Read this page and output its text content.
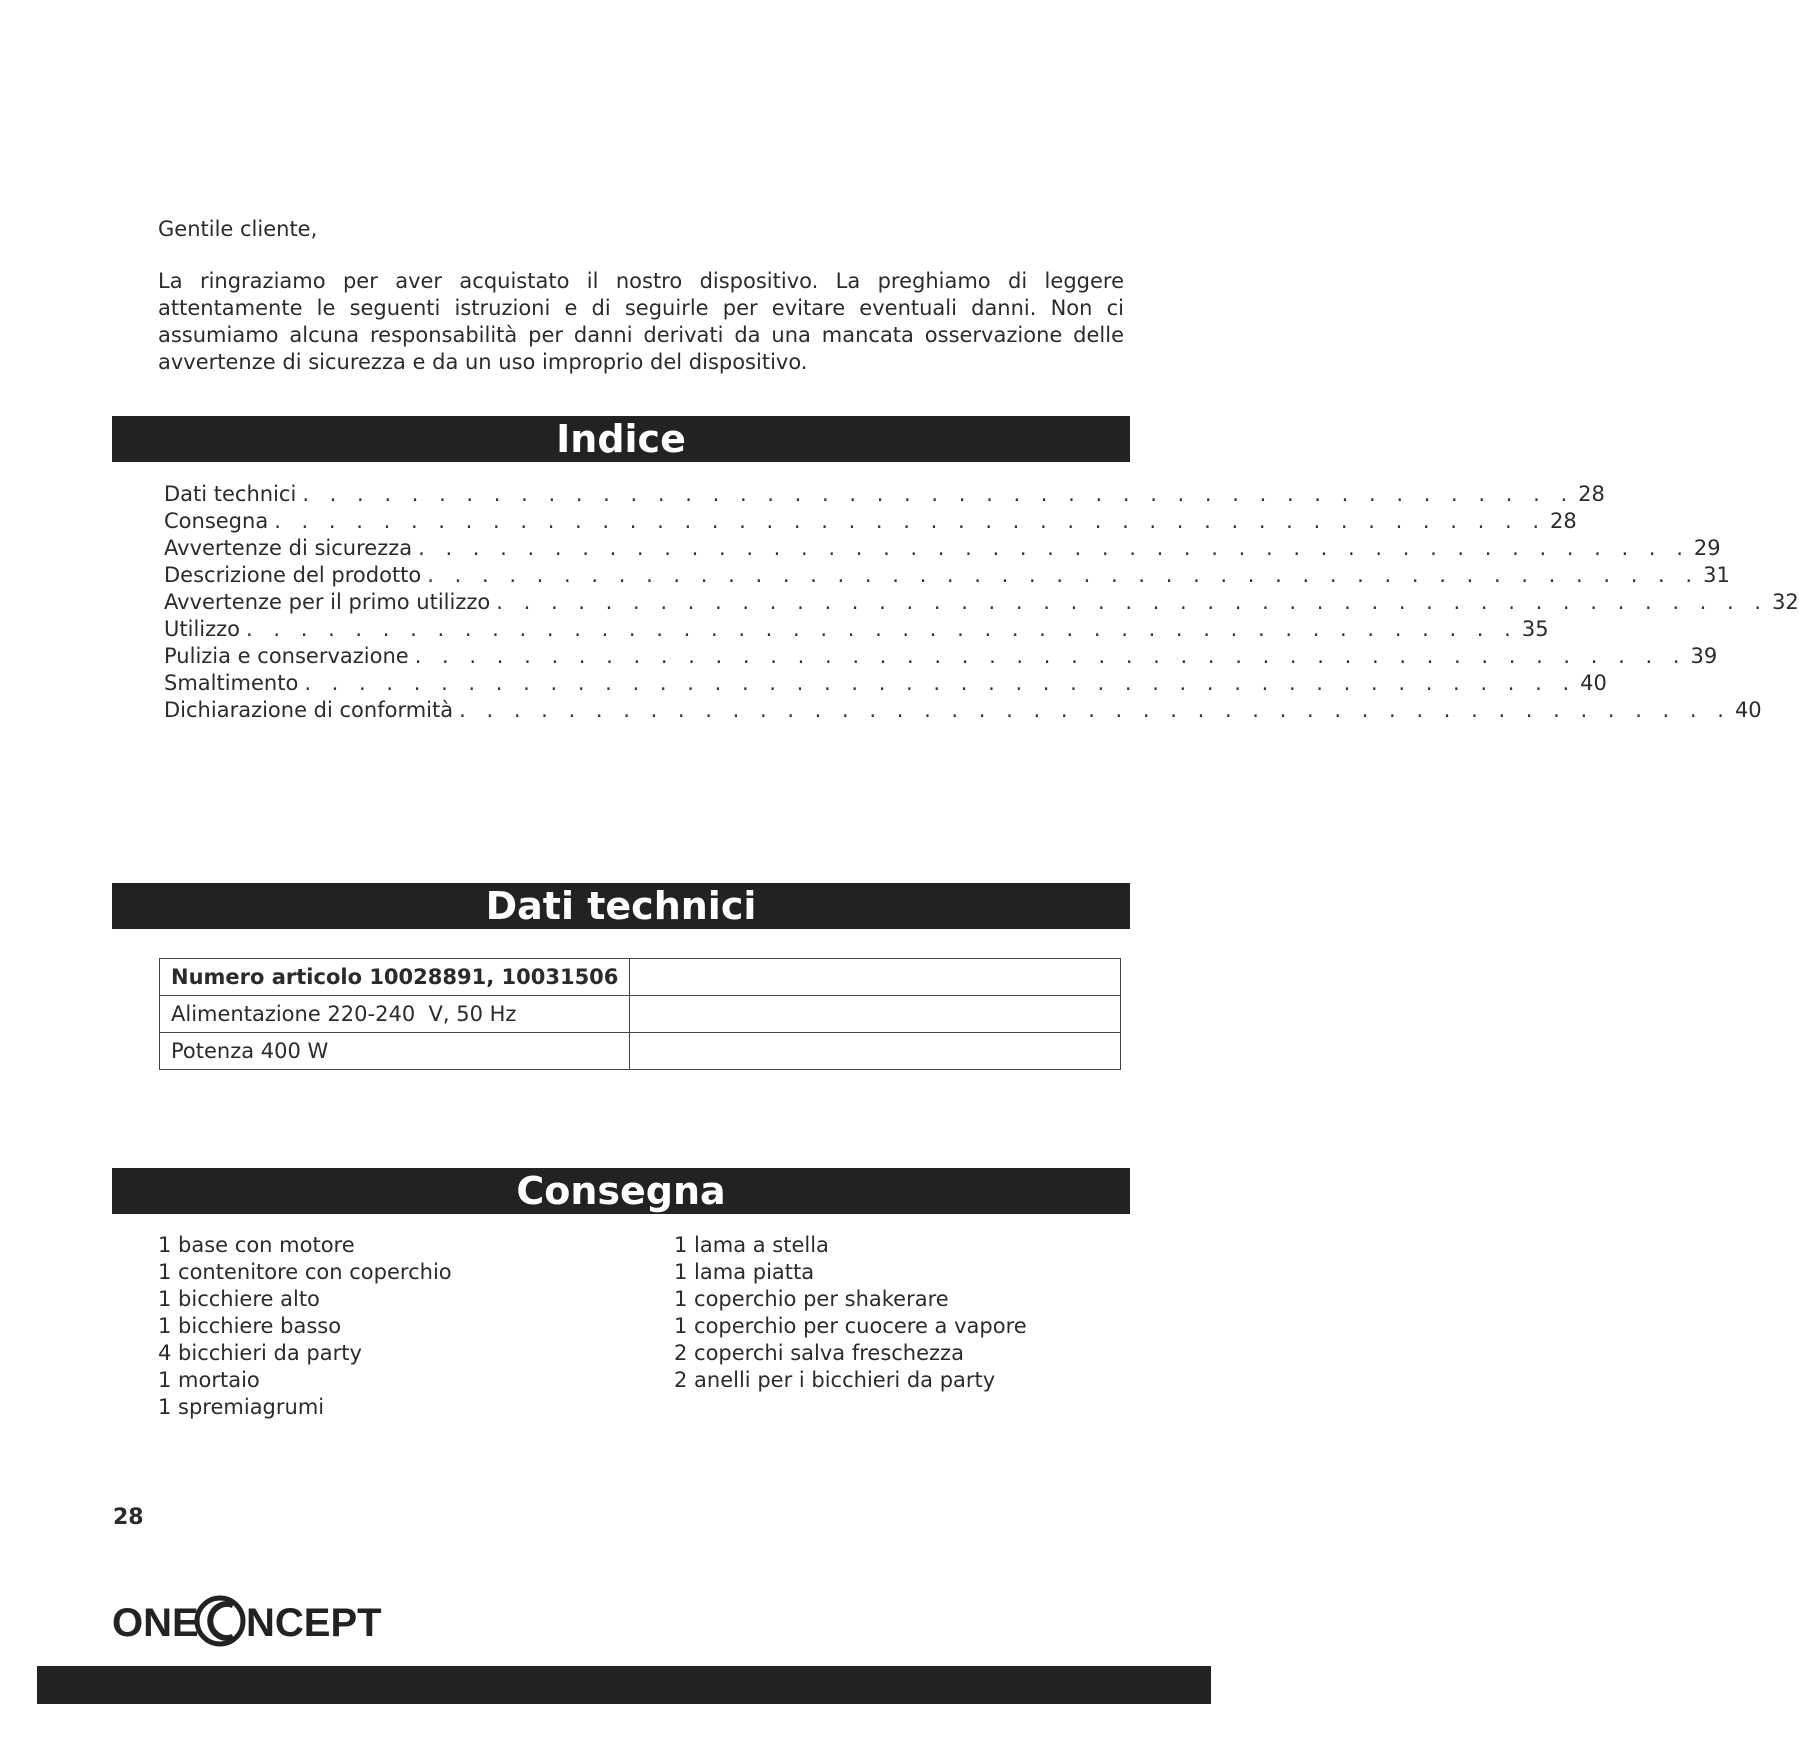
Gentile cliente,
La ringraziamo per aver acquistato il nostro dispositivo. La preghiamo di leggere attentamente le seguenti istruzioni e di seguirle per evitare eventuali danni. Non ci assumiamo alcuna responsabilità per danni derivati da una mancata osservazione delle avvertenze di sicurezza e da un uso improprio del dispositivo.
Indice
Dati technici . . . . . . . . . . . . . . . . . . . . . . . . . . . . . . . . . . . . . . . . . . . . . . . 28
Consegna . . . . . . . . . . . . . . . . . . . . . . . . . . . . . . . . . . . . . . . . . . . . . . . 28
Avvertenze di sicurezza . . . . . . . . . . . . . . . . . . . . . . . . . . . . . . . . . . . . . . . . . . . . . . . 29
Descrizione del prodotto . . . . . . . . . . . . . . . . . . . . . . . . . . . . . . . . . . . . . . . . . . . . . . . 31
Avvertenze per il primo utilizzo . . . . . . . . . . . . . . . . . . . . . . . . . . . . . . . . . . . . . . . . . . . . . . . 32
Utilizzo . . . . . . . . . . . . . . . . . . . . . . . . . . . . . . . . . . . . . . . . . . . . . . . 35
Pulizia e conservazione . . . . . . . . . . . . . . . . . . . . . . . . . . . . . . . . . . . . . . . . . . . . . . . 39
Smaltimento . . . . . . . . . . . . . . . . . . . . . . . . . . . . . . . . . . . . . . . . . . . . . . . 40
Dichiarazione di conformità . . . . . . . . . . . . . . . . . . . . . . . . . . . . . . . . . . . . . . . . . . . . . . . 40
Dati technici
Numero articolo 10028891, 10031506	
Alimentazione 220-240  V, 50 Hz	
Potenza 400 W	
Consegna
1 base con motore
1 contenitore con coperchio
1 bicchiere alto
1 bicchiere basso
4 bicchieri da party
1 mortaio
1 spremiagrumi
1 lama a stella
1 lama piatta
1 coperchio per shakerare
1 coperchio per cuocere a vapore
2 coperchi salva freschezza
2 anelli per i bicchieri da party
28
ONE NCEPT
